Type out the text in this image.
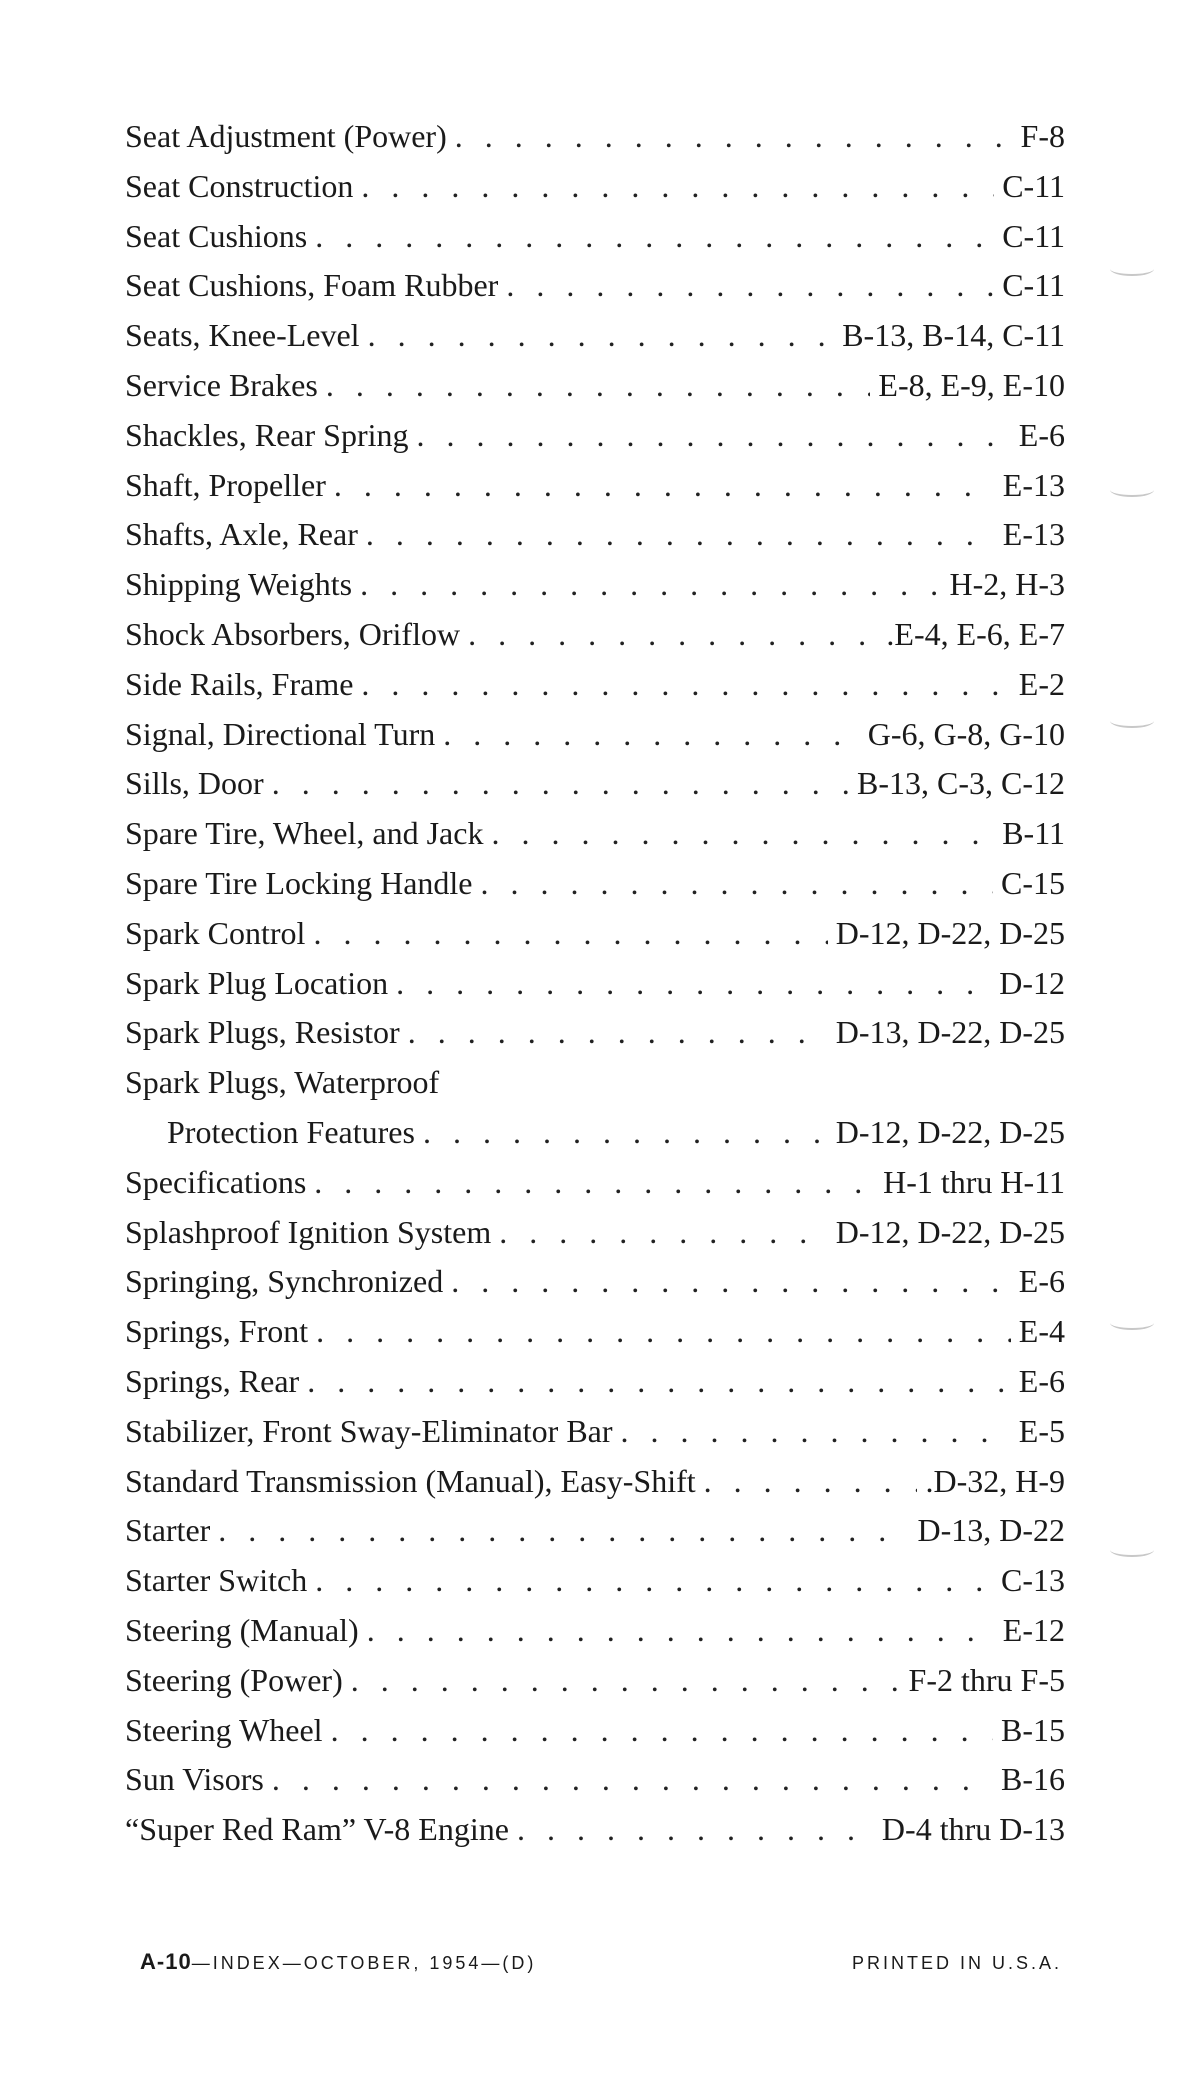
Seat Adjustment (Power) . . .	F-8
Seat Construction . . .	C-11
Seat Cushions . . .	C-11
Seat Cushions, Foam Rubber . . .	C-11
Seats, Knee-Level . . .	B-13, B-14, C-11
Service Brakes . . .	E-8, E-9, E-10
Shackles, Rear Spring . . .	E-6
Shaft, Propeller . . .	E-13
Shafts, Axle, Rear . . .	E-13
Shipping Weights . . .	H-2, H-3
Shock Absorbers, Oriflow . . .	.E-4, E-6, E-7
Side Rails, Frame . . .	E-2
Signal, Directional Turn . . .	G-6, G-8, G-10
Sills, Door . . .	B-13, C-3, C-12
Spare Tire, Wheel, and Jack . . .	B-11
Spare Tire Locking Handle . . .	C-15
Spark Control . . .	D-12, D-22, D-25
Spark Plug Location . . .	D-12
Spark Plugs, Resistor . . .	D-13, D-22, D-25
Spark Plugs, Waterproof
Protection Features . . .	D-12, D-22, D-25
Specifications . . .	H-1 thru H-11
Splashproof Ignition System . . .	D-12, D-22, D-25
Springing, Synchronized . . .	E-6
Springs, Front . . .	E-4
Springs, Rear . . .	E-6
Stabilizer, Front Sway-Eliminator Bar . . .	E-5
Standard Transmission (Manual), Easy-Shift . . .	.D-32, H-9
Starter . . .	D-13, D-22
Starter Switch . . .	C-13
Steering (Manual) . . .	E-12
Steering (Power) . . .	F-2 thru F-5
Steering Wheel . . .	B-15
Sun Visors . . .	B-16
“Super Red Ram” V-8 Engine . . .	D-4 thru D-13
A-10—INDEX—OCTOBER, 1954—(D)	PRINTED IN U.S.A.
